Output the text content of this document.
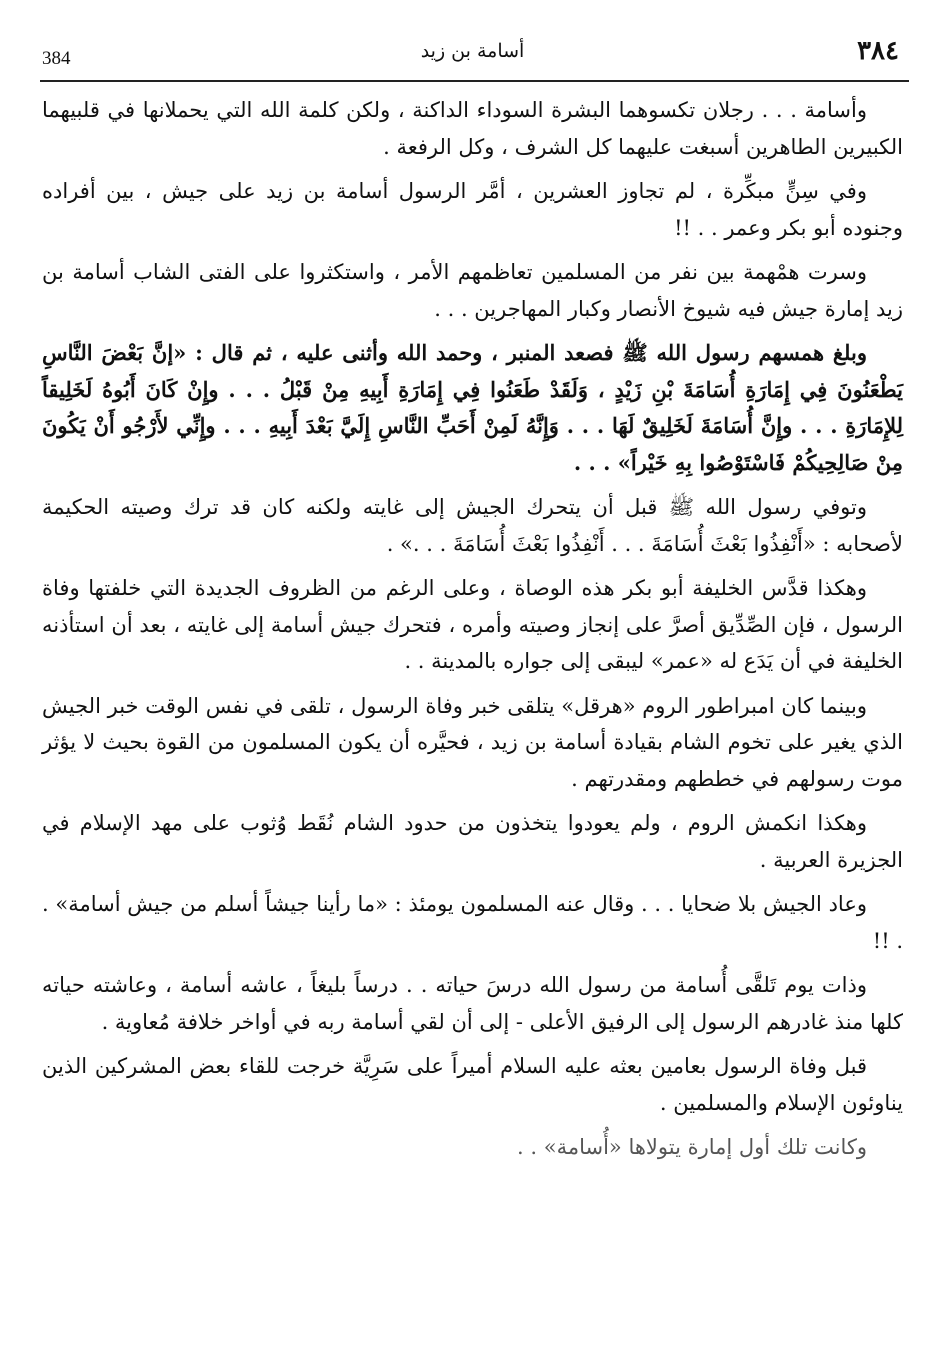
384	أسامة بن زيد	٣٨٤

وأسامة . . . رجلان تكسوهما البشرة السوداء الداكنة ، ولكن كلمة الله التي يحملانها في قلبيهما الكبيرين الطاهرين أسبغت عليهما كل الشرف ، وكل الرفعة .

وفي سِنٍّ مبكِّرة ، لم تجاوز العشرين ، أمَّر الرسول أسامة بن زيد على جيش ، بين أفراده وجنوده أبو بكر وعمر . . !!

وسرت همْهمة بين نفر من المسلمين تعاظمهم الأمر ، واستكثروا على الفتى الشاب أسامة بن زيد إمارة جيش فيه شيوخ الأنصار وكبار المهاجرين . . .

وبلغ همسهم رسول الله ﷺ فصعد المنبر ، وحمد الله وأثنى عليه ، ثم قال : «إنَّ بَعْضَ النَّاسِ يَطْعَنُونَ فِي إِمَارَةِ أُسَامَةَ بْنِ زَيْدٍ ، وَلَقَدْ طَعَنُوا فِي إِمَارَةِ أَبِيهِ مِنْ قَبْلُ . . . وإِنْ كَانَ أَبُوهُ لَخَلِيقاً لِلإِمَارَةِ . . . وإِنَّ أُسَامَةَ لَخَلِيقٌ لَهَا . . . وَإِنَّهُ لَمِنْ أَحَبِّ النَّاسِ إِلَيَّ بَعْدَ أَبِيهِ . . . وإِنِّي لأَرْجُو أَنْ يَكُونَ مِنْ صَالِحِيكُمْ فَاسْتَوْصُوا بِهِ خَيْراً» . . .

وتوفي رسول الله ﷺ قبل أن يتحرك الجيش إلى غايته ولكنه كان قد ترك وصيته الحكيمة لأصحابه : «أَنْفِذُوا بَعْثَ أُسَامَةَ . . . أَنْفِذُوا بَعْثَ أُسَامَةَ . . .» .

وهكذا قدَّس الخليفة أبو بكر هذه الوصاة ، وعلى الرغم من الظروف الجديدة التي خلفتها وفاة الرسول ، فإن الصِّدِّيق أصرَّ على إنجاز وصيته وأمره ، فتحرك جيش أسامة إلى غايته ، بعد أن استأذنه الخليفة في أن يَدَع له «عمر» ليبقى إلى جواره بالمدينة . .

وبينما كان امبراطور الروم «هرقل» يتلقى خبر وفاة الرسول ، تلقى في نفس الوقت خبر الجيش الذي يغير على تخوم الشام بقيادة أسامة بن زيد ، فحيَّره أن يكون المسلمون من القوة بحيث لا يؤثر موت رسولهم في خططهم ومقدرتهم .

وهكذا انكمش الروم ، ولم يعودوا يتخذون من حدود الشام نُقَط وُثوب على مهد الإسلام في الجزيرة العربية .

وعاد الجيش بلا ضحايا . . . وقال عنه المسلمون يومئذ : «ما رأينا جيشاً أسلم من جيش أسامة» . . !!

وذات يوم تَلقَّى أُسامة من رسول الله درسَ حياته . . درساً بليغاً ، عاشه أسامة ، وعاشته حياته كلها منذ غادرهم الرسول إلى الرفيق الأعلى - إلى أن لقي أسامة ربه في أواخر خلافة مُعاوية .

قبل وفاة الرسول بعامين بعثه عليه السلام أميراً على سَرِيَّة خرجت للقاء بعض المشركين الذين يناوئون الإسلام والمسلمين .

وكانت تلك أول إمارة يتولاها «أُسامة» . .
